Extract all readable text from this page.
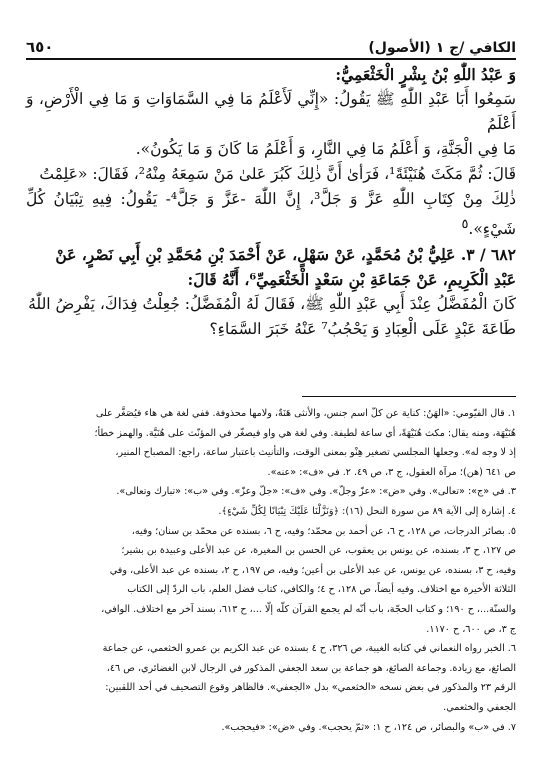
الكافي /ج ١ (الأصول)
٦٥٠

وَ عَبْدُ اللّٰهِ بْنُ بِشْرٍ الْخَثْعَمِيُّ:

سَمِعُوا أَبَا عَبْدِ اللّٰهِ ﷺ يَقُولُ: «إِنِّي لَأَعْلَمُ مَا فِي السَّمَاوَاتِ وَ مَا فِي الْأَرْضِ، وَ أَعْلَمُ

مَا فِي الْجَنَّةِ، وَ أَعْلَمُ مَا فِي النَّارِ، وَ أَعْلَمُ مَا كَانَ وَ مَا يَكُونُ».

قَالَ: ثُمَّ مَكَثَ هُنَيْئَةً¹، فَرَأىٰ أَنَّ ذٰلِكَ كَبُرَ عَلىٰ مَنْ سَمِعَهُ مِنْهُ²، فَقَالَ: «عَلِمْتُ

ذٰلِكَ مِنْ كِتَابِ اللّٰهِ عَزَّ وَ جَلَّ³، إِنَّ اللّٰهَ -عَزَّ وَ جَلَّ⁴- يَقُولُ: فِيهِ تِبْيَانُ كُلِّ شَيْءٍ».$^٥$

٦٨٢ / ٣. عَلِيُّ بْنُ مُحَمَّدٍ، عَنْ سَهْلٍ، عَنْ أَحْمَدَ بْنِ مُحَمَّدِ بْنِ أَبِي نَصْرٍ، عَنْ

عَبْدِ الْكَرِيمِ، عَنْ جَمَاعَةِ بْنِ سَعْدٍ الْخَثْعَمِيِّ⁶، أَنَّهُ قَالَ:

كَانَ الْمُفَضَّلُ عِنْدَ أَبِي عَبْدِ اللّٰهِ ﷺ، فَقَالَ لَهُ الْمُفَضَّلُ: جُعِلْتُ فِدَاكَ، يَفْرِضُ اللّٰهُ

طَاعَةَ عَبْدٍ عَلَى الْعِبَادِ وَ يَحْجُبُ⁷ عَنْهُ خَبَرَ السَّمَاءِ؟

١. قال الفيّومي: «الهَنُ: كناية عن كلّ اسم جنس، والأنثى هَنَةٌ، ولامها محذوفة. ففي لغة هي هاء فيُصَغَّر على

هُنَيْهَة، ومنه يقال: مكث هُنَيْهَةً، أي ساعة لطيفة. وفي لغة هي واو فيصغّر في المؤنّث على هُنَيَّة. والهمز خطأ؛

إذ لا وجه له». وجعلها المجلسي تصغير هِنْو بمعنى الوقت، والتأنيث باعتبار ساعة، راجع: المصباح المنير،

ص ٦٤١ (هن)؛ مرآة العقول، ج ٣، ص ٤٩. ٢. في «ف»: «عنه».

٣. في «ج»: «تعالى». وفي «ض»: «عزّ وجلّ». وفي «ف»: «جلّ وعزّ». وفي «ب»: «تبارك وتعالى».

٤. إشارة إلى الآية ٨٩ من سورة النحل (١٦): ﴿وَنَزَّلْنَا عَلَيْكَ تِبْيَانًا لِكُلِّ شَيْءٍ﴾.

٥. بصائر الدرجات، ص ١٢٨، ح ٦، عن أحمد بن محمّد؛ وفيه، ح ٦، بسنده عن محمّد بن سنان؛ وفيه،

ص ١٢٧، ح ٣، بسنده، عن يونس بن يعقوب، عن الحسن بن المغيرة، عن عبد الأعلى وعبيدة بن بشير؛

وفيه، ح ٣، بسنده، عن يونس، عن عبد الأعلى بن أعين؛ وفيه، ص ١٩٧، ح ٢، بسنده عن عبد الأعلى، وفي

الثلاثة الأخيرة مع اختلاف. وفيه أيضاً، ص ١٢٨، ح ٤؛ والكافي، كتاب فضل العلم، باب الردّ إلى الكتاب

والسنّة...، ح ١٩٠؛ و كتاب الحجّة، باب أنّه لم يجمع القرآن كلّه إلّا ...، ح ٦١٣، بسند آخر مع اختلاف. الوافي،

ج ٣، ص ٦٠٠، ح ١١٧٠.

٦. الخبر رواه النعماني في كتابه الغيبة، ص ٣٢٦، ح ٤ بسنده عن عبد الكريم بن عمرو الخثعمي، عن جماعة

الصائغ، مع زيادة. وجماعة الصائغ، هو جماعة بن سعد الجعفي المذكور في الرجال لابن الغضائري، ص ٤٦،

الرقم ٢٣ والمذكور في بعض نسخه «الخثعمي» بدل «الجعفي». فالظاهر وقوع التصحيف في أحد اللقبين:

الجعفي والخثعمي.

٧. في «ب» والبصائر، ص ١٢٤، ح ١: «ثمّ يحجب». وفي «ض»: «فيحجب».
